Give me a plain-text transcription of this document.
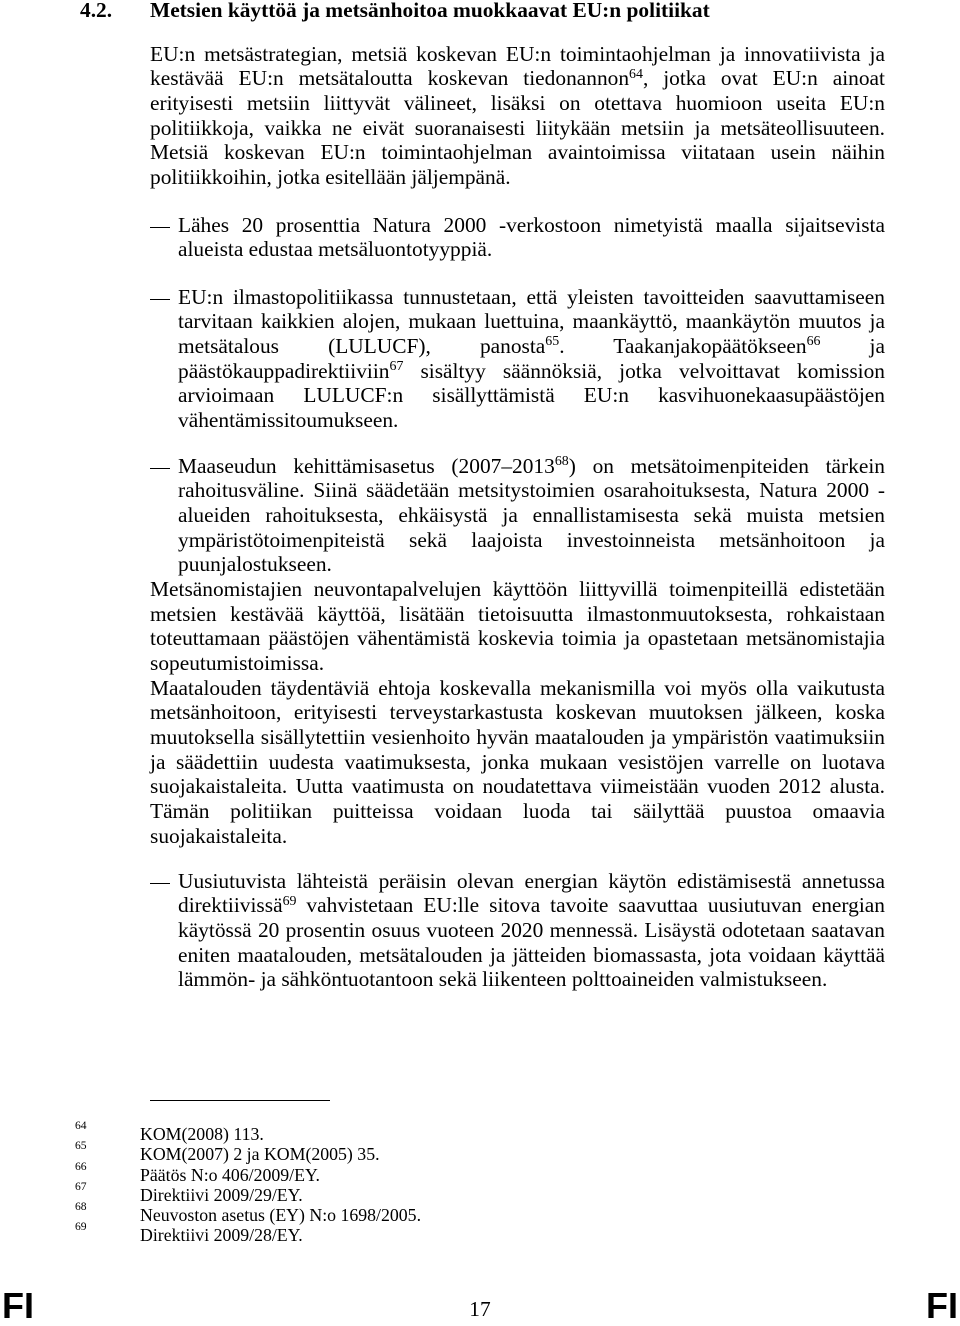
4.2. Metsien käyttöä ja metsänhoitoa muokkaavat EU:n politiikat

EU:n metsästrategian, metsiä koskevan EU:n toimintaohjelman ja innovatiivista ja kestävää EU:n metsätaloutta koskevan tiedonannon$^{64}$, jotka ovat EU:n ainoat erityisesti metsiin liittyvät välineet, lisäksi on otettava huomioon useita EU:n politiikkoja, vaikka ne eivät suoranaisesti liitykään metsiin ja metsäteollisuuteen. Metsiä koskevan EU:n toimintaohjelman avaintoimissa viitataan usein näihin politiikkoihin, jotka esitellään jäljempänä.

Lähes 20 prosenttia Natura 2000 -verkostoon nimetyistä maalla sijaitsevista alueista edustaa metsäluontotyyppiä.

EU:n ilmastopolitiikassa tunnustetaan, että yleisten tavoitteiden saavuttamiseen tarvitaan kaikkien alojen, mukaan luettuina, maankäyttö, maankäytön muutos ja metsätalous (LULUCF), panosta$^{65}$. Taakanjakopäätökseen$^{66}$ ja päästökauppadirektiiviin$^{67}$ sisältyy säännöksiä, jotka velvoittavat komission arvioimaan LULUCF:n sisällyttämistä EU:n kasvihuonekaasupäästöjen vähentämissitoumukseen.

Maaseudun kehittämisasetus (2007–2013$^{68}$) on metsätoimenpiteiden tärkein rahoitusväline. Siinä säädetään metsitystoimien osarahoituksesta, Natura 2000 -alueiden rahoituksesta, ehkäisystä ja ennallistamisesta sekä muista metsien ympäristötoimenpiteistä sekä laajoista investoinneista metsänhoitoon ja puunjalostukseen.

Metsänomistajien neuvontapalvelujen käyttöön liittyvillä toimenpiteillä edistetään metsien kestävää käyttöä, lisätään tietoisuutta ilmastonmuutoksesta, rohkaistaan toteuttamaan päästöjen vähentämistä koskevia toimia ja opastetaan metsänomistajia sopeutumistoimissa.

Maatalouden täydentäviä ehtoja koskevalla mekanismilla voi myös olla vaikutusta metsänhoitoon, erityisesti terveystarkastusta koskevan muutoksen jälkeen, koska muutoksella sisällytettiin vesienhoito hyvän maatalouden ja ympäristön vaatimuksiin ja säädettiin uudesta vaatimuksesta, jonka mukaan vesistöjen varrelle on luotava suojakaistaleita. Uutta vaatimusta on noudatettava viimeistään vuoden 2012 alusta. Tämän politiikan puitteissa voidaan luoda tai säilyttää puustoa omaavia suojakaistaleita.

Uusiutuvista lähteistä peräisin olevan energian käytön edistämisestä annetussa direktiivissä$^{69}$ vahvistetaan EU:lle sitova tavoite saavuttaa uusiutuvan energian käytössä 20 prosentin osuus vuoteen 2020 mennessä. Lisäystä odotetaan saatavan eniten maatalouden, metsätalouden ja jätteiden biomassasta, jota voidaan käyttää lämmön- ja sähköntuotantoon sekä liikenteen polttoaineiden valmistukseen.

64	KOM(2008) 113.
65	KOM(2007) 2 ja KOM(2005) 35.
66	Päätös N:o 406/2009/EY.
67	Direktiivi 2009/29/EY.
68	Neuvoston asetus (EY) N:o 1698/2005.
69	Direktiivi 2009/28/EY.
FI	17	FI
